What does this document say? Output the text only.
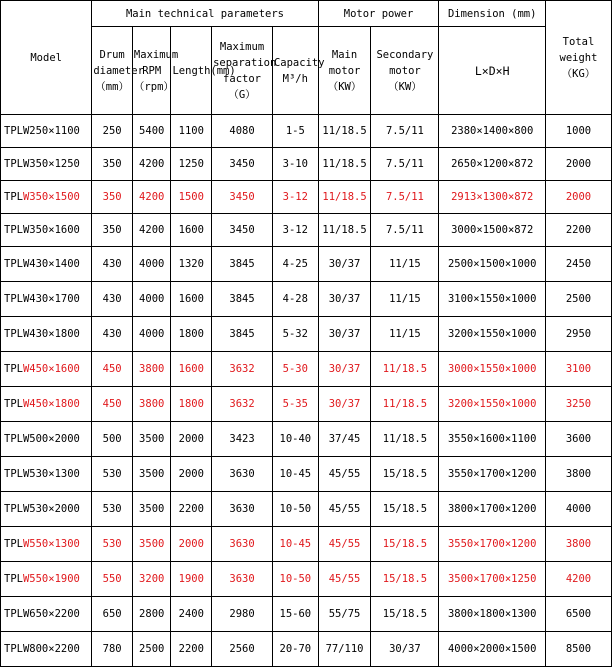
Model	Main technical parameters					Motor power		Dimension (mm)	Total weight （KG）
	Drum diameter （mm）	Maximum RPM （rpm）	Length(mm)	Maximum separation factor （G）	Capacity M³/h	Main motor （KW）	Secondary motor （KW）	L×D×H	
TPLW250×1100	250	5400	1100	4080	1-5	11/18.5	7.5/11	2380×1400×800	1000
TPLW350×1250	350	4200	1250	3450	3-10	11/18.5	7.5/11	2650×1200×872	2000
TPLW350×1500	350	4200	1500	3450	3-12	11/18.5	7.5/11	2913×1300×872	2000
TPLW350×1600	350	4200	1600	3450	3-12	11/18.5	7.5/11	3000×1500×872	2200
TPLW430×1400	430	4000	1320	3845	4-25	30/37	11/15	2500×1500×1000	2450
TPLW430×1700	430	4000	1600	3845	4-28	30/37	11/15	3100×1550×1000	2500
TPLW430×1800	430	4000	1800	3845	5-32	30/37	11/15	3200×1550×1000	2950
TPLW450×1600	450	3800	1600	3632	5-30	30/37	11/18.5	3000×1550×1000	3100
TPLW450×1800	450	3800	1800	3632	5-35	30/37	11/18.5	3200×1550×1000	3250
TPLW500×2000	500	3500	2000	3423	10-40	37/45	11/18.5	3550×1600×1100	3600
TPLW530×1300	530	3500	2000	3630	10-45	45/55	15/18.5	3550×1700×1200	3800
TPLW530×2000	530	3500	2200	3630	10-50	45/55	15/18.5	3800×1700×1200	4000
TPLW550×1300	530	3500	2000	3630	10-45	45/55	15/18.5	3550×1700×1200	3800
TPLW550×1900	550	3200	1900	3630	10-50	45/55	15/18.5	3500×1700×1250	4200
TPLW650×2200	650	2800	2400	2980	15-60	55/75	15/18.5	3800×1800×1300	6500
TPLW800×2200	780	2500	2200	2560	20-70	77/110	30/37	4000×2000×1500	8500
